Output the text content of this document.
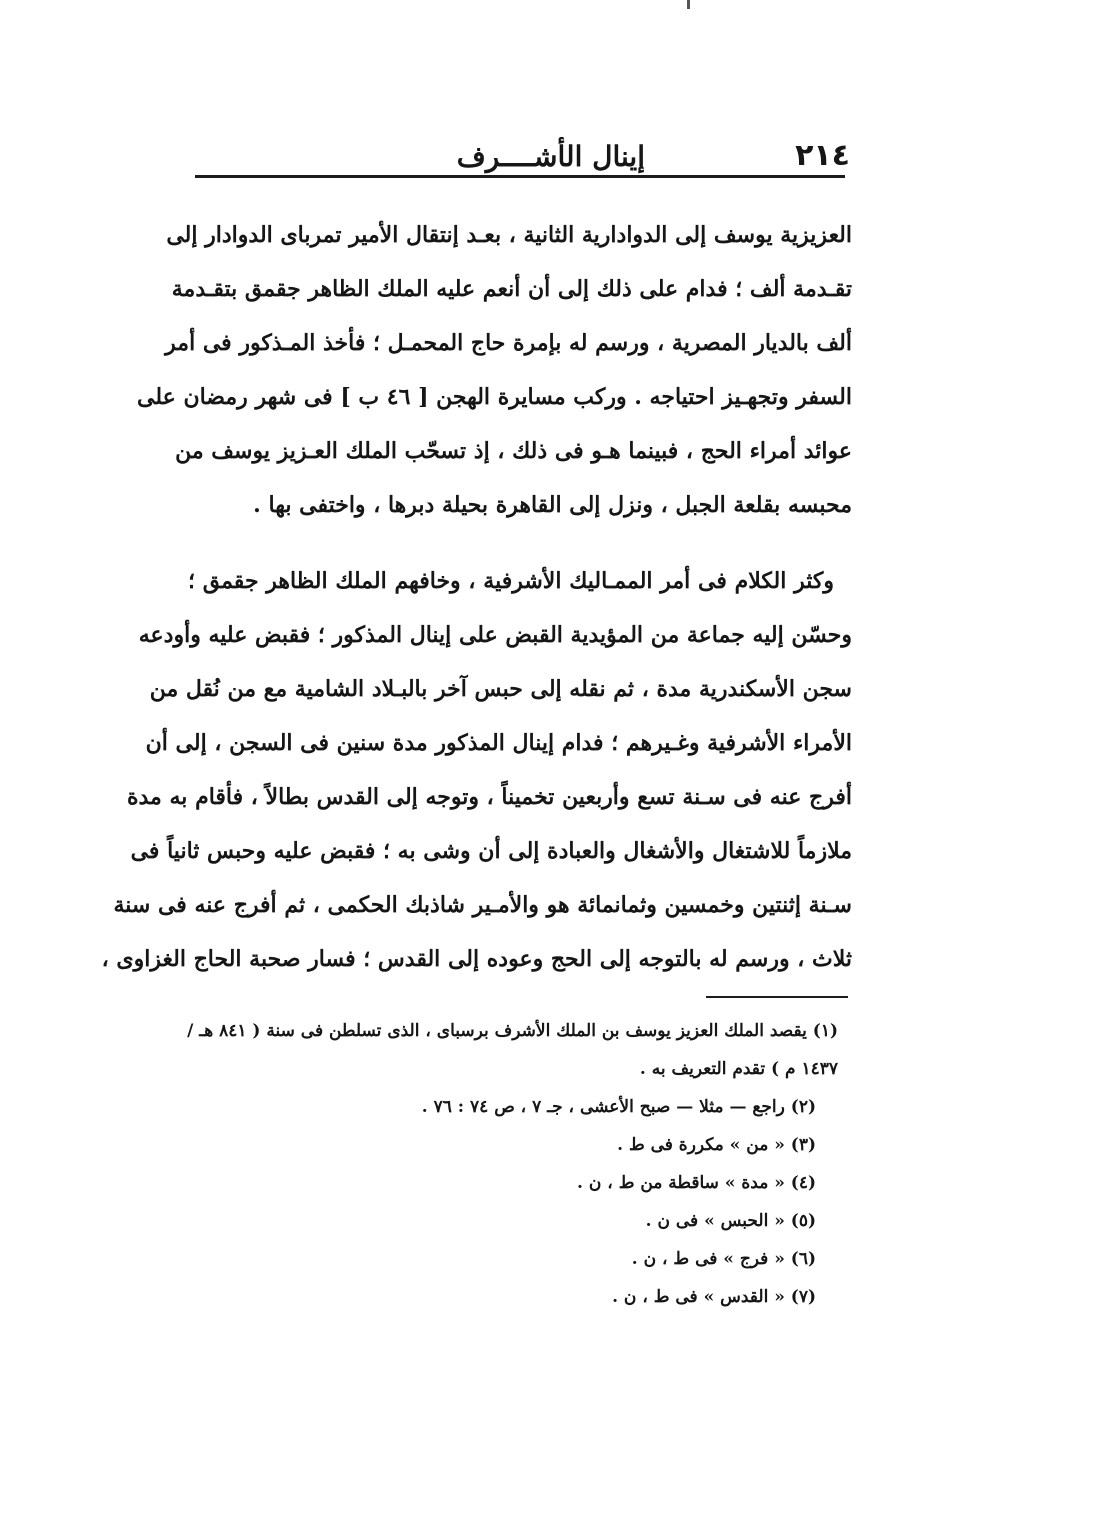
٢١٤
إينال الأشــــرف
العزيزية يوسف إلى الدوادارية الثانية ، بعـد إنتقال الأمير تمرباى الدوادار إلى
تقـدمة ألف ؛ فدام على ذلك إلى أن أنعم عليه الملك الظاهر جقمق بتقـدمة
ألف بالديار المصرية ، ورسم له بإمرة حاج المحمـل ؛ فأخذ المـذكور فى أمر
السفر وتجهـيز احتياجه . وركب مسايرة الهجن [ ٤٦ ب ] فى شهر رمضان على
عوائد أمراء الحج ، فبينما هـو فى ذلك ، إذ تسحّب الملك العـزيز يوسف من
محبسه بقلعة الجبل ، ونزل إلى القاهرة بحيلة دبرها ، واختفى بها .
وكثر الكلام فى أمر الممـاليك الأشرفية ، وخافهم الملك الظاهر جقمق ؛
وحسّن إليه جماعة من المؤيدية القبض على إينال المذكور ؛ فقبض عليه وأودعه
سجن الأسكندرية مدة ، ثم نقله إلى حبس آخر بالبـلاد الشامية مع من نُقل من
الأمراء الأشرفية وغـيرهم ؛ فدام إينال المذكور مدة سنين فى السجن ، إلى أن
أفرج عنه فى سـنة تسع وأربعين تخميناً ، وتوجه إلى القدس بطالاً ، فأقام به مدة
ملازماً للاشتغال والأشغال والعبادة إلى أن وشى به ؛ فقبض عليه وحبس ثانياً فى
سـنة إثنتين وخمسين وثمانمائة هو والأمـير شاذبك الحكمى ، ثم أفرج عنه فى سنة
ثلاث ، ورسم له بالتوجه إلى الحج وعوده إلى القدس ؛ فسار صحبة الحاج الغزاوى ،
(١) يقصد الملك العزيز يوسف بن الملك الأشرف برسباى ، الذى تسلطن فى سنة ( ٨٤١ هـ /
١٤٣٧ م ) تقدم التعريف به .
(٢) راجع — مثلا — صبح الأعشى ، جـ ٧ ، ص ٧٤ : ٧٦ .
(٣) « من » مكررة فى ط .
(٤) « مدة » ساقطة من ط ، ن .
(٥) « الحبس » فى ن .
(٦) « فرج » فى ط ، ن .
(٧) « القدس » فى ط ، ن .
